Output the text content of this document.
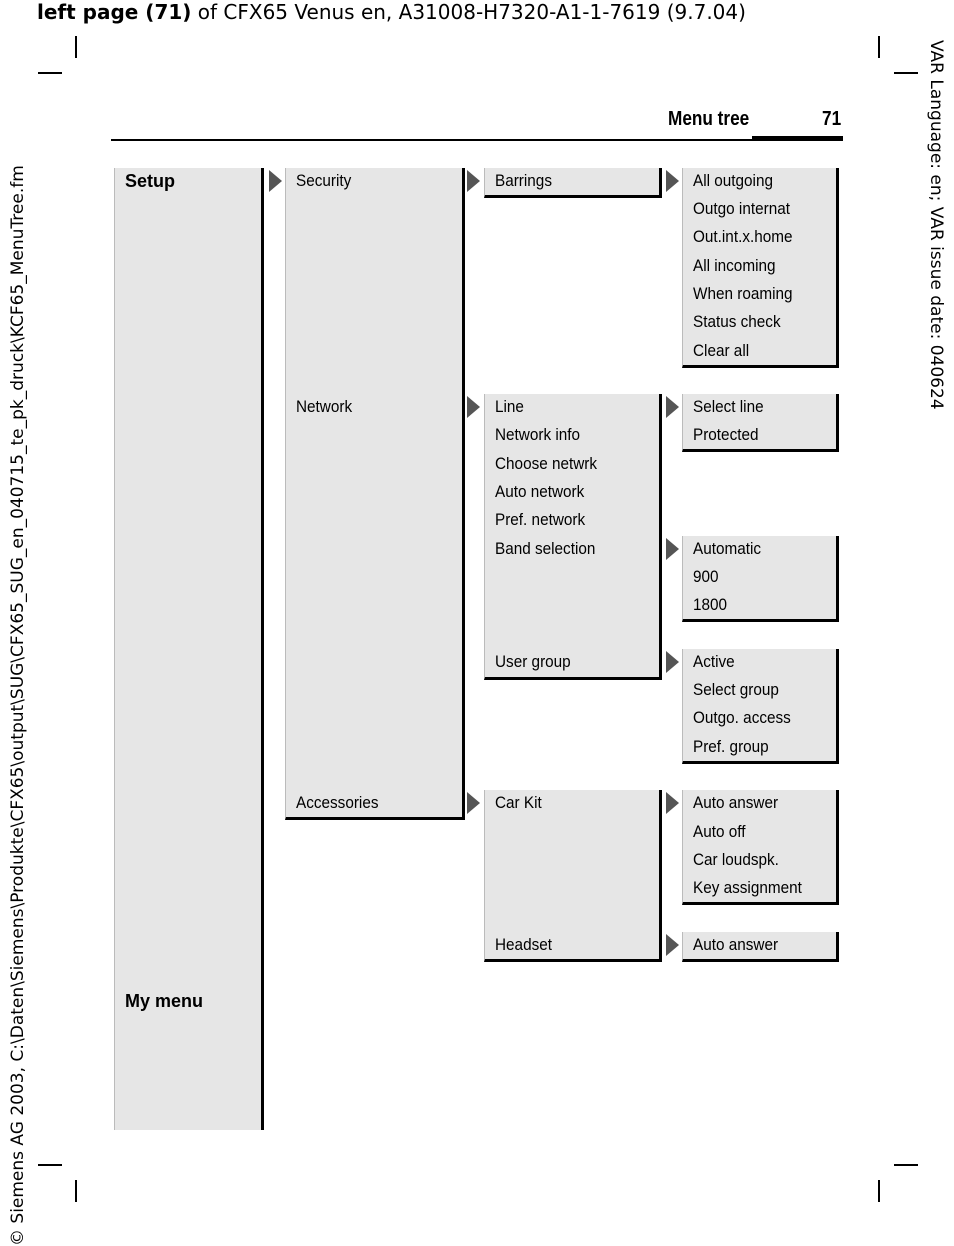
left page (71) of CFX65 Venus en, A31008-H7320-A1-1-7619 (9.7.04)
VAR Language: en; VAR issue date: 040624
© Siemens AG 2003, C:\Daten\Siemens\Produkte\CFX65\output\SUG\CFX65_SUG_en_040715_te_pk_druck\KCF65_MenuTree.fm
Menu tree	71
Setup
My menu
Security
Network
Accessories
Barrings	All outgoing
Outgo internat
Out.int.x.home
All incoming
When roaming
Status check
Clear all
Line
Network info
Choose netwrk
Auto network
Pref. network
Band selection
User group
Select line
Protected
Automatic
900
1800
Active
Select group
Outgo. access
Pref. group
Car Kit
Headset
Auto answer
Auto off
Car loudspk.
Key assignment
Auto answer
